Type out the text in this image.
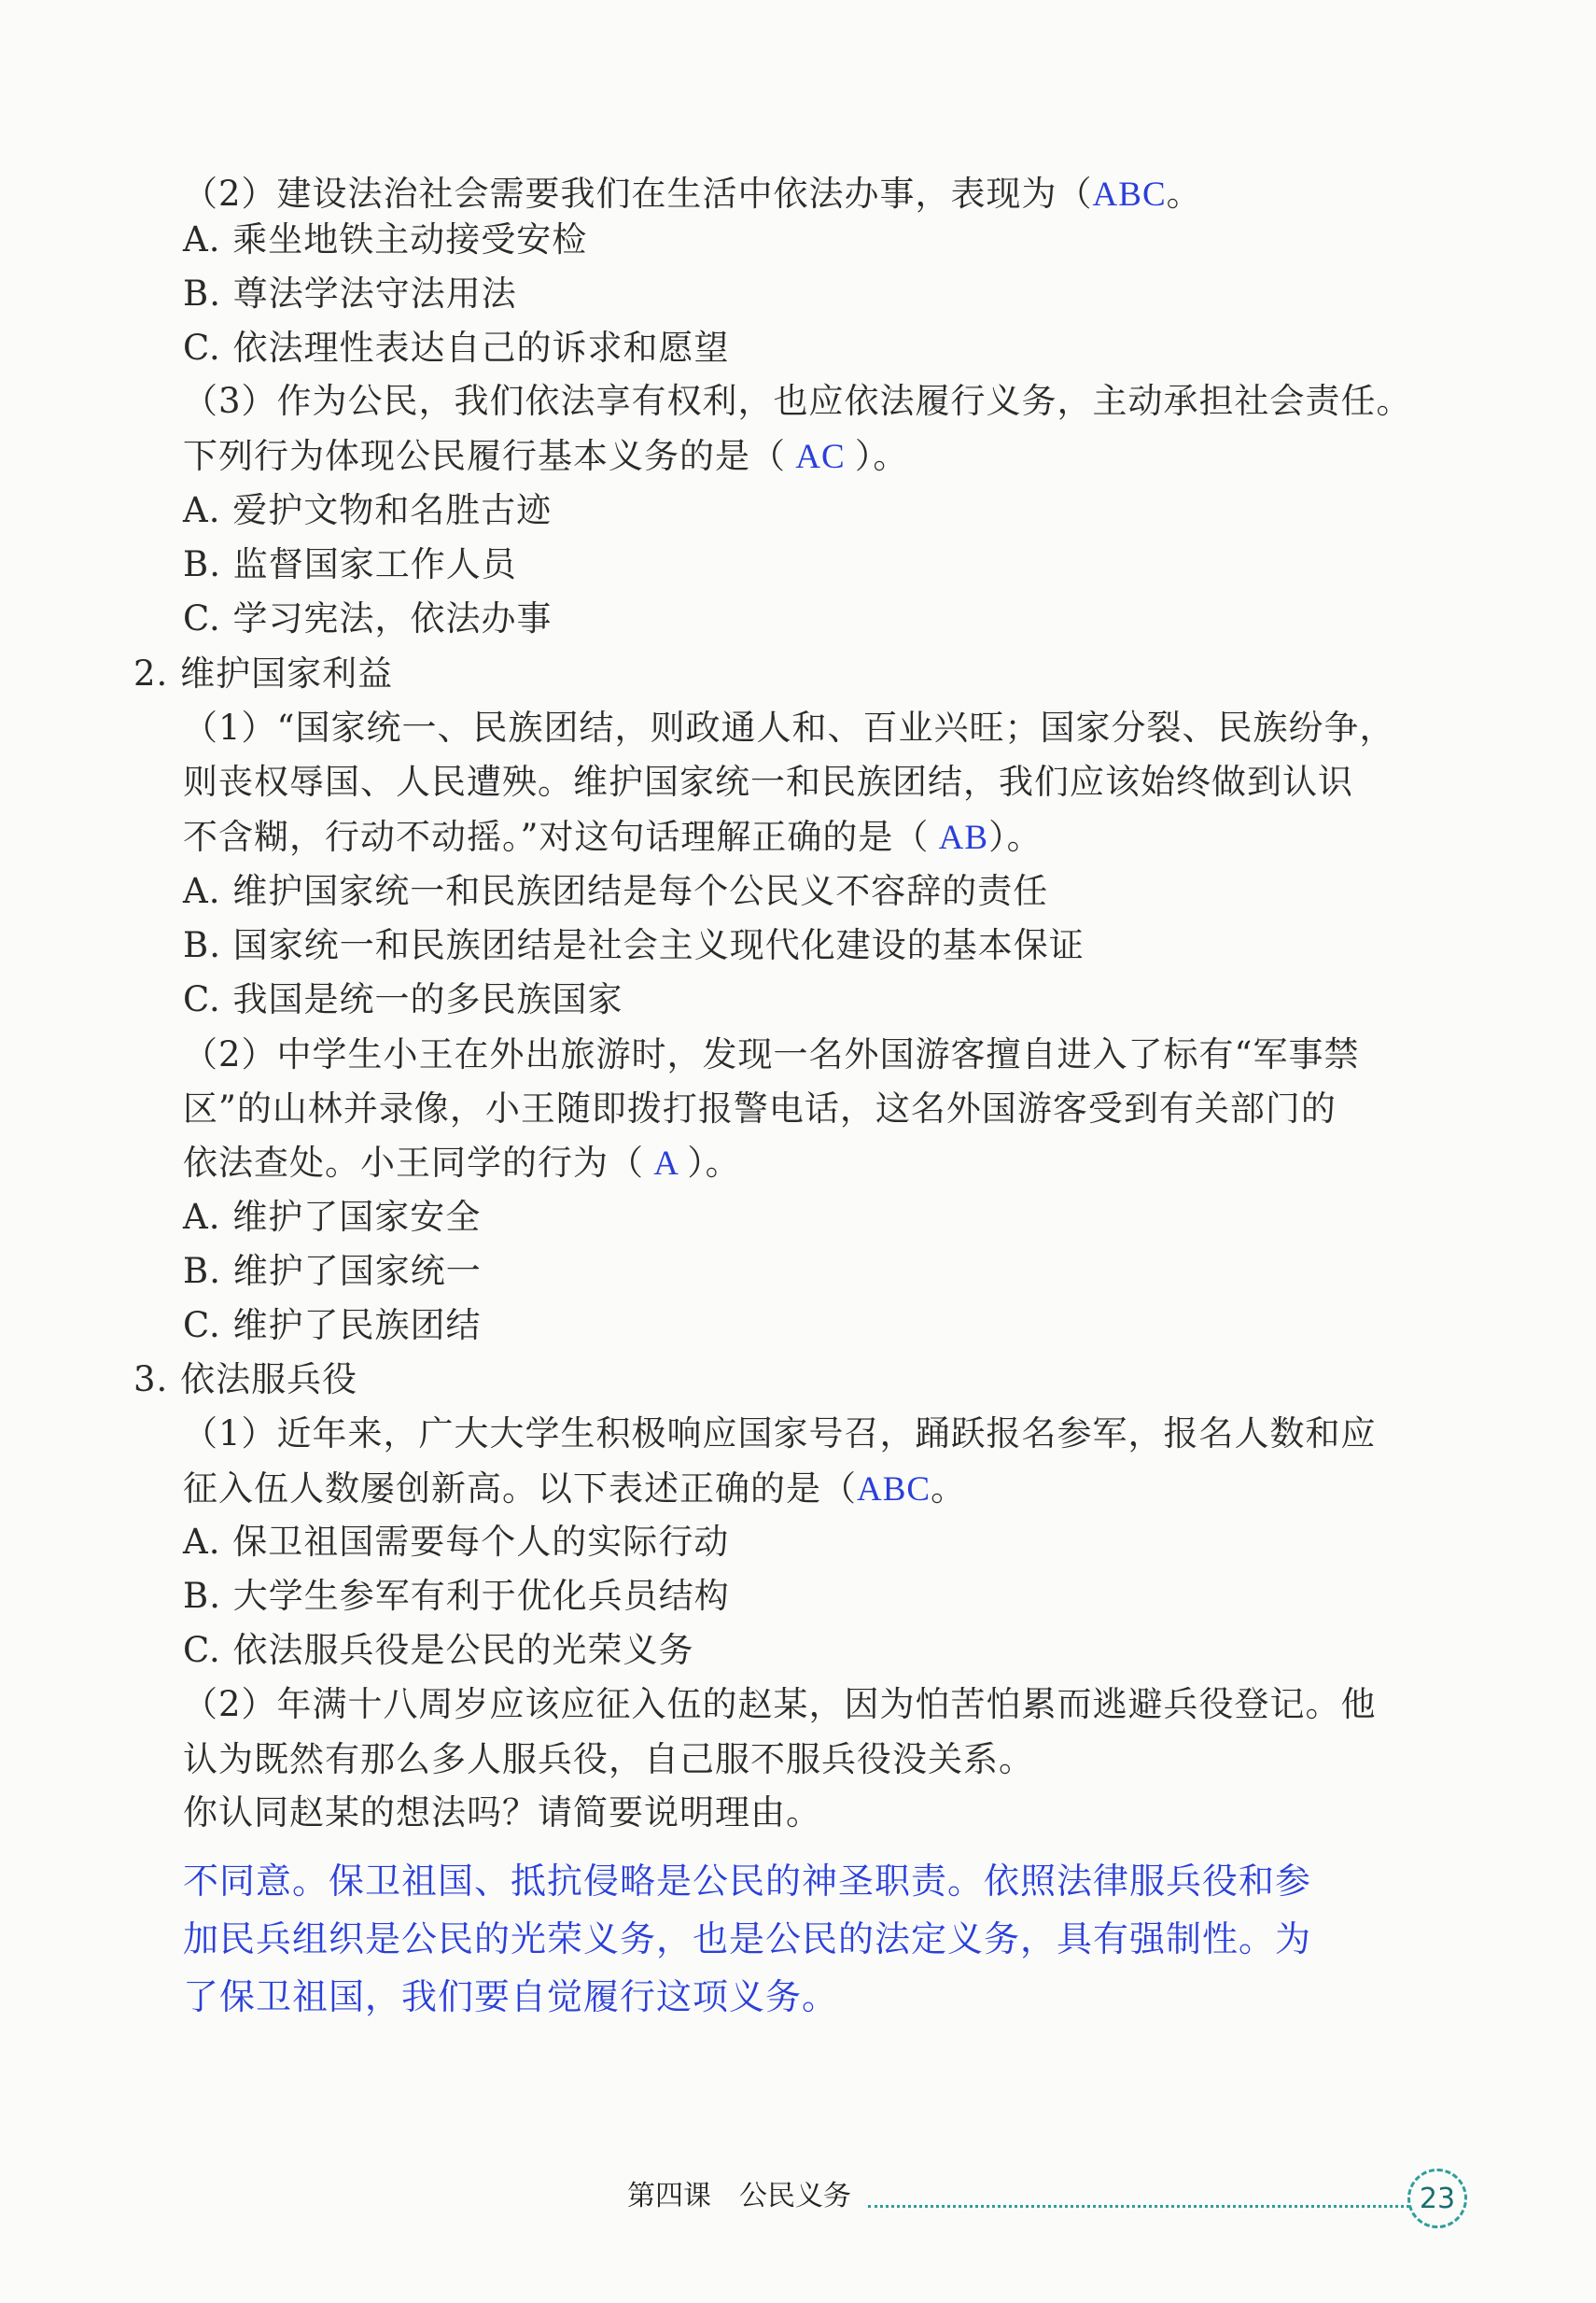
（2）建设法治社会需要我们在生活中依法办事，表现为（ABC。
A. 乘坐地铁主动接受安检
B. 尊法学法守法用法
C. 依法理性表达自己的诉求和愿望
（3）作为公民，我们依法享有权利，也应依法履行义务，主动承担社会责任。
下列行为体现公民履行基本义务的是（ AC ）。
A. 爱护文物和名胜古迹
B. 监督国家工作人员
C. 学习宪法，依法办事
2. 维护国家利益
（1）“国家统一、民族团结，则政通人和、百业兴旺；国家分裂、民族纷争，
则丧权辱国、人民遭殃。维护国家统一和民族团结，我们应该始终做到认识
不含糊，行动不动摇。”对这句话理解正确的是（ AB）。
A. 维护国家统一和民族团结是每个公民义不容辞的责任
B. 国家统一和民族团结是社会主义现代化建设的基本保证
C. 我国是统一的多民族国家
（2）中学生小王在外出旅游时，发现一名外国游客擅自进入了标有“军事禁
区”的山林并录像，小王随即拨打报警电话，这名外国游客受到有关部门的
依法查处。小王同学的行为（ A ）。
A. 维护了国家安全
B. 维护了国家统一
C. 维护了民族团结
3. 依法服兵役
（1）近年来，广大大学生积极响应国家号召，踊跃报名参军，报名人数和应
征入伍人数屡创新高。以下表述正确的是（ABC。
A. 保卫祖国需要每个人的实际行动
B. 大学生参军有利于优化兵员结构
C. 依法服兵役是公民的光荣义务
（2）年满十八周岁应该应征入伍的赵某，因为怕苦怕累而逃避兵役登记。他
认为既然有那么多人服兵役，自己服不服兵役没关系。
你认同赵某的想法吗？请简要说明理由。
不同意。保卫祖国、抵抗侵略是公民的神圣职责。依照法律服兵役和参
加民兵组织是公民的光荣义务，也是公民的法定义务，具有强制性。为
了保卫祖国，我们要自觉履行这项义务。
第四课　公民义务	23
